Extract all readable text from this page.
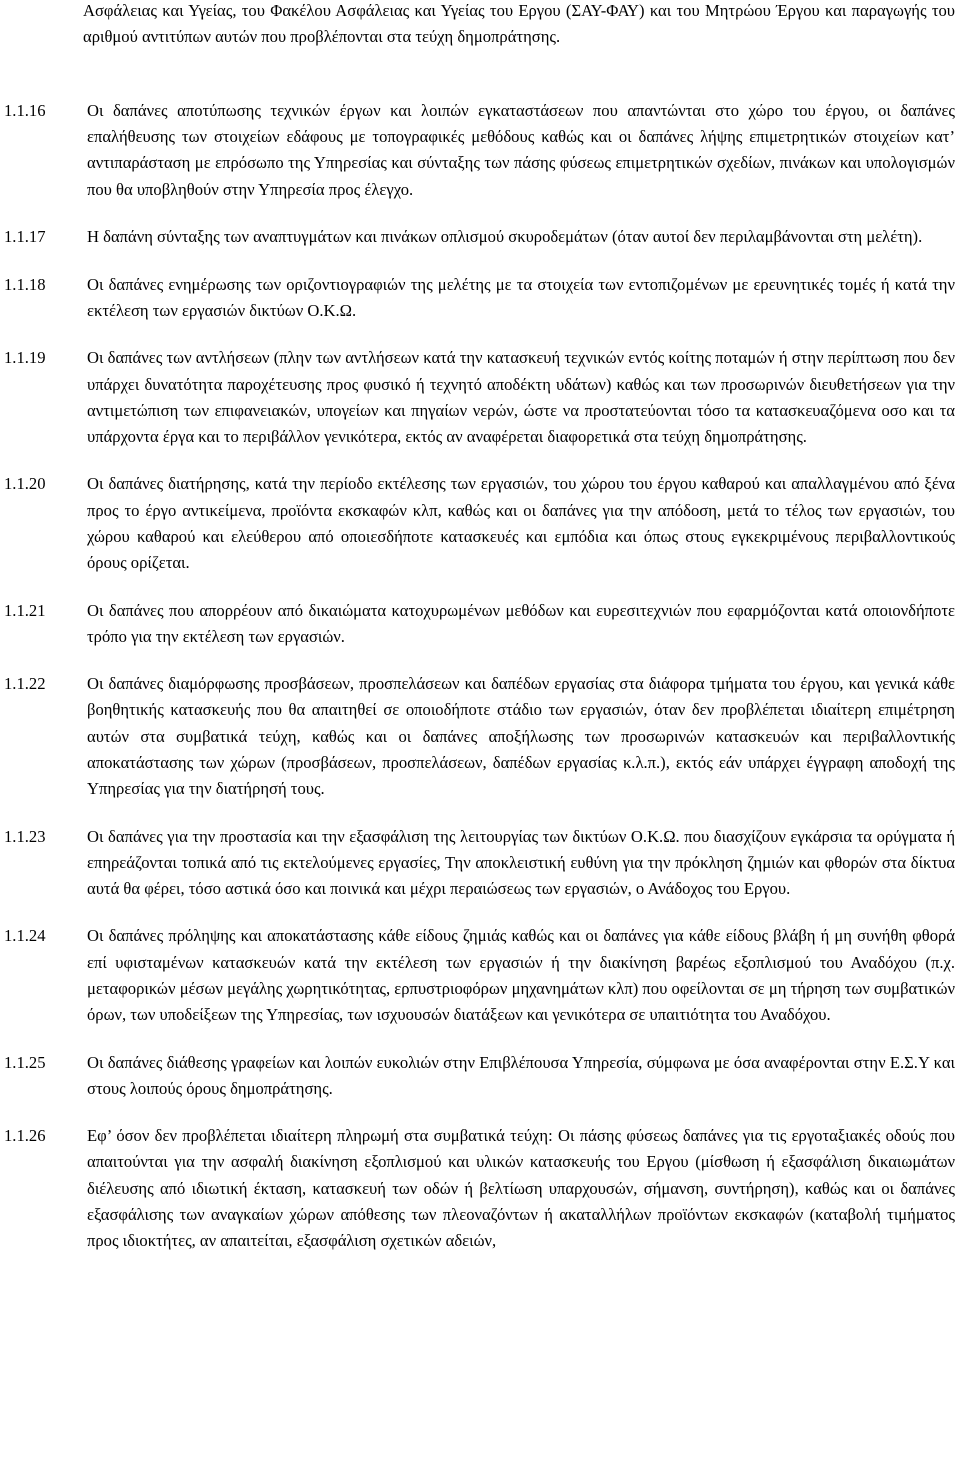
Ασφάλειας και Υγείας, του Φακέλου Ασφάλειας και Υγείας του Εργου (ΣΑΥ-ΦΑΥ) και του Μητρώου Έργου και παραγωγής του αριθμού αντιτύπων αυτών που προβλέπονται στα τεύχη δημοπράτησης.
1.1.16	Οι δαπάνες αποτύπωσης τεχνικών έργων και λοιπών εγκαταστάσεων που απαντώνται στο χώρο του έργου, οι δαπάνες επαλήθευσης των στοιχείων εδάφους με τοπογραφικές μεθόδους καθώς και οι δαπάνες λήψης επιμετρητικών στοιχείων κατ’ αντιπαράσταση με επρόσωπο της Υπηρεσίας και σύνταξης των πάσης φύσεως επιμετρητικών σχεδίων, πινάκων και υπολογισμών που θα υποβληθούν στην Υπηρεσία προς έλεγχο.
1.1.17	Η δαπάνη σύνταξης των αναπτυγμάτων και πινάκων οπλισμού σκυροδεμάτων (όταν αυτοί δεν περιλαμβάνονται στη μελέτη).
1.1.18	Οι δαπάνες ενημέρωσης των οριζοντιογραφιών της μελέτης με τα στοιχεία των εντοπιζομένων με ερευνητικές τομές ή κατά την εκτέλεση των εργασιών δικτύων Ο.Κ.Ω.
1.1.19	Οι δαπάνες των αντλήσεων (πλην των αντλήσεων κατά την κατασκευή τεχνικών εντός κοίτης ποταμών ή στην περίπτωση που δεν υπάρχει δυνατότητα παροχέτευσης προς φυσικό ή τεχνητό αποδέκτη υδάτων) καθώς και των προσωρινών διευθετήσεων για την αντιμετώπιση των επιφανειακών, υπογείων και πηγαίων νερών, ώστε να προστατεύονται τόσο τα κατασκευαζόμενα οσο και τα υπάρχοντα έργα και το περιβάλλον γενικότερα, εκτός αν αναφέρεται διαφορετικά στα τεύχη δημοπράτησης.
1.1.20	Οι δαπάνες διατήρησης, κατά την περίοδο εκτέλεσης των εργασιών, του χώρου του έργου καθαρού και απαλλαγμένου από ξένα προς το έργο αντικείμενα, προϊόντα εκσκαφών κλπ, καθώς και οι δαπάνες για την απόδοση, μετά το τέλος των εργασιών, του χώρου καθαρού και ελεύθερου από οποιεσδήποτε κατασκευές και εμπόδια και όπως στους εγκεκριμένους περιβαλλοντικούς όρους ορίζεται.
1.1.21	Οι δαπάνες που απορρέουν από δικαιώματα κατοχυρωμένων μεθόδων και ευρεσιτεχνιών που εφαρμόζονται κατά οποιονδήποτε τρόπο για την εκτέλεση των εργασιών.
1.1.22	Οι δαπάνες διαμόρφωσης προσβάσεων, προσπελάσεων και δαπέδων εργασίας στα διάφορα τμήματα του έργου, και γενικά κάθε βοηθητικής κατασκευής που θα απαιτηθεί σε οποιοδήποτε στάδιο των εργασιών, όταν δεν προβλέπεται ιδιαίτερη επιμέτρηση αυτών στα συμβατικά τεύχη, καθώς και οι δαπάνες αποξήλωσης των προσωρινών κατασκευών και περιβαλλοντικής αποκατάστασης των χώρων (προσβάσεων, προσπελάσεων, δαπέδων εργασίας κ.λ.π.), εκτός εάν υπάρχει έγγραφη αποδοχή της Υπηρεσίας για την διατήρησή τους.
1.1.23	Οι δαπάνες για την προστασία και την εξασφάλιση της λειτουργίας των δικτύων Ο.Κ.Ω. που διασχίζουν εγκάρσια τα ορύγματα ή επηρεάζονται τοπικά από τις εκτελούμενες εργασίες, Την αποκλειστική ευθύνη για την πρόκληση ζημιών και φθορών στα δίκτυα αυτά θα φέρει, τόσο αστικά όσο και ποινικά και μέχρι περαιώσεως των εργασιών, ο Ανάδοχος του Εργου.
1.1.24	Οι δαπάνες πρόληψης και αποκατάστασης κάθε είδους ζημιάς καθώς και οι δαπάνες για κάθε είδους βλάβη ή μη συνήθη φθορά επί υφισταμένων κατασκευών κατά την εκτέλεση των εργασιών ή την διακίνηση βαρέως εξοπλισμού του Αναδόχου (π.χ. μεταφορικών μέσων μεγάλης χωρητικότητας, ερπυστριοφόρων μηχανημάτων κλπ) που οφείλονται σε μη τήρηση των συμβατικών όρων, των υποδείξεων της Υπηρεσίας, των ισχυουσών διατάξεων και γενικότερα σε υπαιτιότητα του Αναδόχου.
1.1.25	Οι δαπάνες διάθεσης γραφείων και λοιπών ευκολιών στην Επιβλέπουσα Υπηρεσία, σύμφωνα με όσα αναφέρονται στην Ε.Σ.Υ και στους λοιπούς όρους δημοπράτησης.
1.1.26	Εφ’ όσον δεν προβλέπεται ιδιαίτερη πληρωμή στα συμβατικά τεύχη: Οι πάσης φύσεως δαπάνες για τις εργοταξιακές οδούς που απαιτούνται για την ασφαλή διακίνηση εξοπλισμού και υλικών κατασκευής του Εργου (μίσθωση ή εξασφάλιση δικαιωμάτων διέλευσης από ιδιωτική έκταση, κατασκευή των οδών ή βελτίωση υπαρχουσών, σήμανση, συντήρηση), καθώς και οι δαπάνες εξασφάλισης των αναγκαίων χώρων απόθεσης των πλεοναζόντων ή ακαταλλήλων προϊόντων εκσκαφών (καταβολή τιμήματος προς ιδιοκτήτες, αν απαιτείται, εξασφάλιση σχετικών αδειών,
